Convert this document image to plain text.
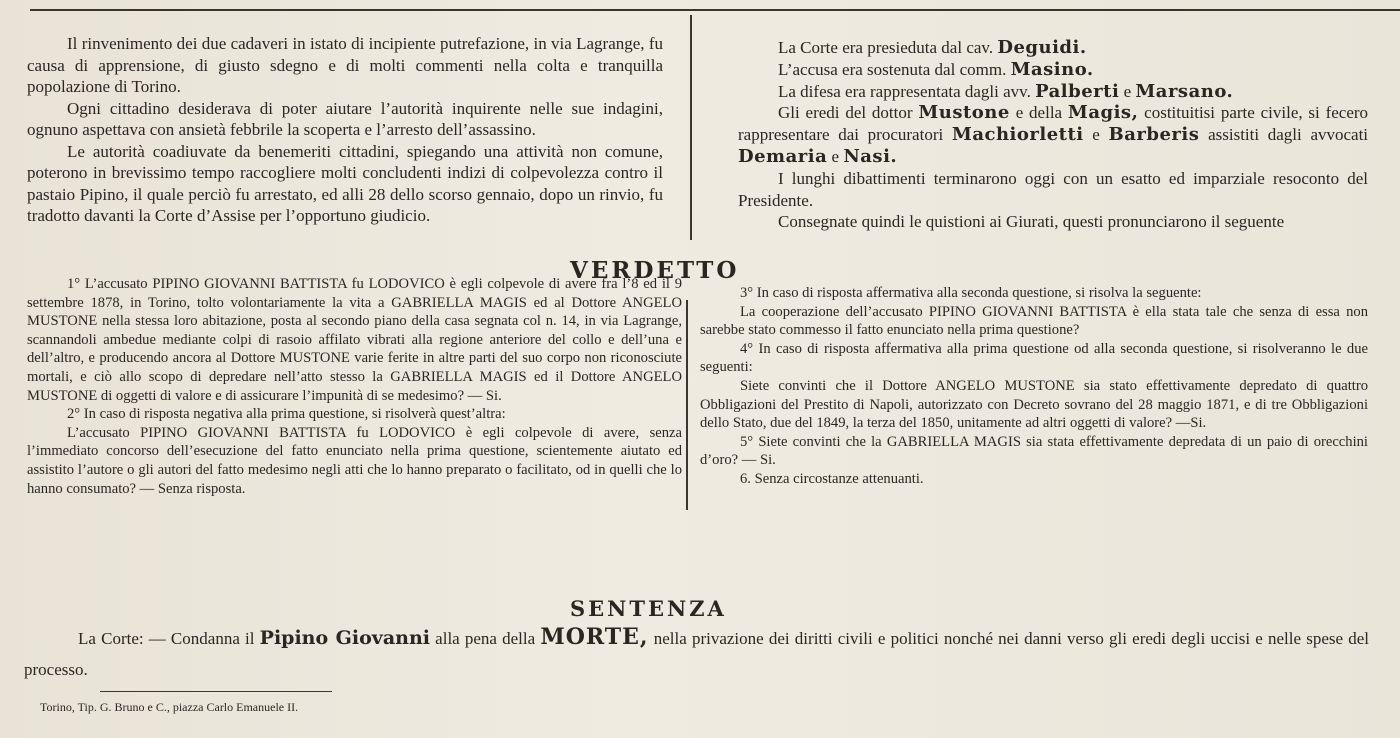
Il rinvenimento dei due cadaveri in istato di incipiente putrefazione, in via Lagrange, fu causa di apprensione, di giusto sdegno e di molti commenti nella colta e tranquilla popolazione di Torino.

Ogni cittadino desiderava di poter aiutare l’autorità inquirente nelle sue indagini, ognuno aspettava con ansietà febbrile la scoperta e l’arresto dell’assassino.

Le autorità coadiuvate da benemeriti cittadini, spiegando una attività non comune, poterono in brevissimo tempo raccogliere molti concludenti indizi di colpevolezza contro il pastaio Pipino, il quale perciò fu arrestato, ed alli 28 dello scorso gennaio, dopo un rinvio, fu tradotto davanti la Corte d’Assise per l’opportuno giudicio.

La Corte era presieduta dal cav. Deguidi.

L’accusa era sostenuta dal comm. Masino.

La difesa era rappresentata dagli avv. Palberti e Marsano.

Gli eredi del dottor Mustone e della Magis, costituitisi parte civile, si fecero rappresentare dai procuratori Machiorletti e Barberis assistiti dagli avvocati Demaria e Nasi.

I lunghi dibattimenti terminarono oggi con un esatto ed imparziale resoconto del Presidente.

Consegnate quindi le quistioni ai Giurati, questi pronunciarono il seguente

VERDETTO

1° L’accusato PIPINO GIOVANNI BATTISTA fu LODOVICO è egli colpevole di avere fra l’8 ed il 9 settembre 1878, in Torino, tolto volontariamente la vita a GABRIELLA MAGIS ed al Dottore ANGELO MUSTONE nella stessa loro abitazione, posta al secondo piano della casa segnata col n. 14, in via Lagrange, scannandoli ambedue mediante colpi di rasoio affilato vibrati alla regione anteriore del collo e dell’una e dell’altro, e producendo ancora al Dottore MUSTONE varie ferite in altre parti del suo corpo non riconosciute mortali, e ciò allo scopo di depredare nell’atto stesso la GABRIELLA MAGIS ed il Dottore ANGELO MUSTONE di oggetti di valore e di assicurare l’impunità di se medesimo? — Si.

2° In caso di risposta negativa alla prima questione, si risolverà quest’altra:

L’accusato PIPINO GIOVANNI BATTISTA fu LODOVICO è egli colpevole di avere, senza l’immediato concorso dell’esecuzione del fatto enunciato nella prima questione, scientemente aiutato ed assistito l’autore o gli autori del fatto medesimo negli atti che lo hanno preparato o facilitato, od in quelli che lo hanno consumato? — Senza risposta.

3° In caso di risposta affermativa alla seconda questione, si risolva la seguente:

La cooperazione dell’accusato PIPINO GIOVANNI BATTISTA è ella stata tale che senza di essa non sarebbe stato commesso il fatto enunciato nella prima questione?

4° In caso di risposta affermativa alla prima questione od alla seconda questione, si risolveranno le due seguenti:

Siete convinti che il Dottore ANGELO MUSTONE sia stato effettivamente depredato di quattro Obbligazioni del Prestito di Napoli, autorizzato con Decreto sovrano del 28 maggio 1871, e di tre Obbligazioni dello Stato, due del 1849, la terza del 1850, unitamente ad altri oggetti di valore? —Si.

5° Siete convinti che la GABRIELLA MAGIS sia stata effettivamente depredata di un paio di orecchini d’oro? — Si.

6. Senza circostanze attenuanti.

SENTENZA
La Corte: — Condanna il Pipino Giovanni alla pena della MORTE, nella privazione dei diritti civili e politici nonché nei danni verso gli eredi degli uccisi e nelle spese del processo.
Torino, Tip. G. Bruno e C., piazza Carlo Emanuele II.
